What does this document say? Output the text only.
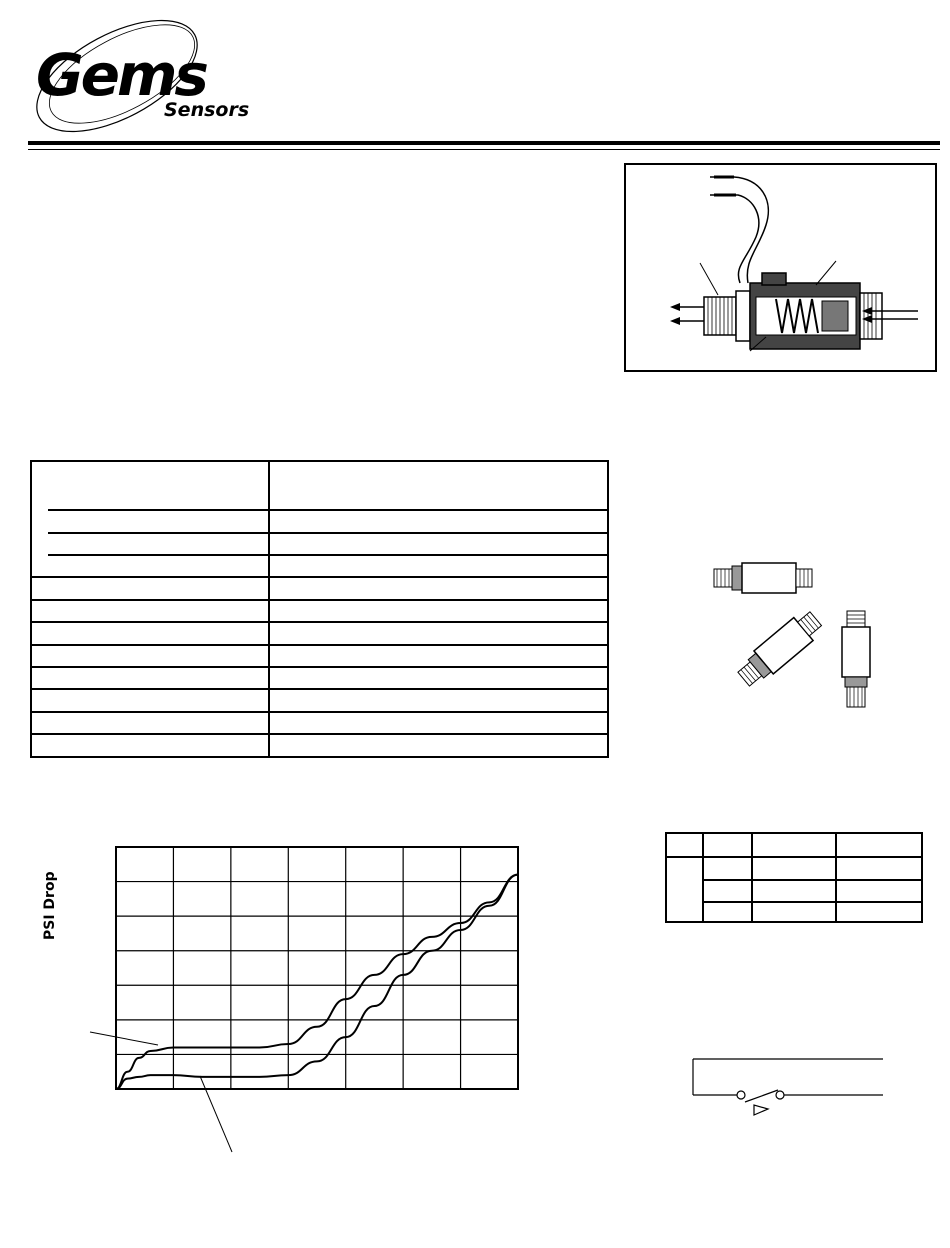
Gems
Sensors
PSI Drop
